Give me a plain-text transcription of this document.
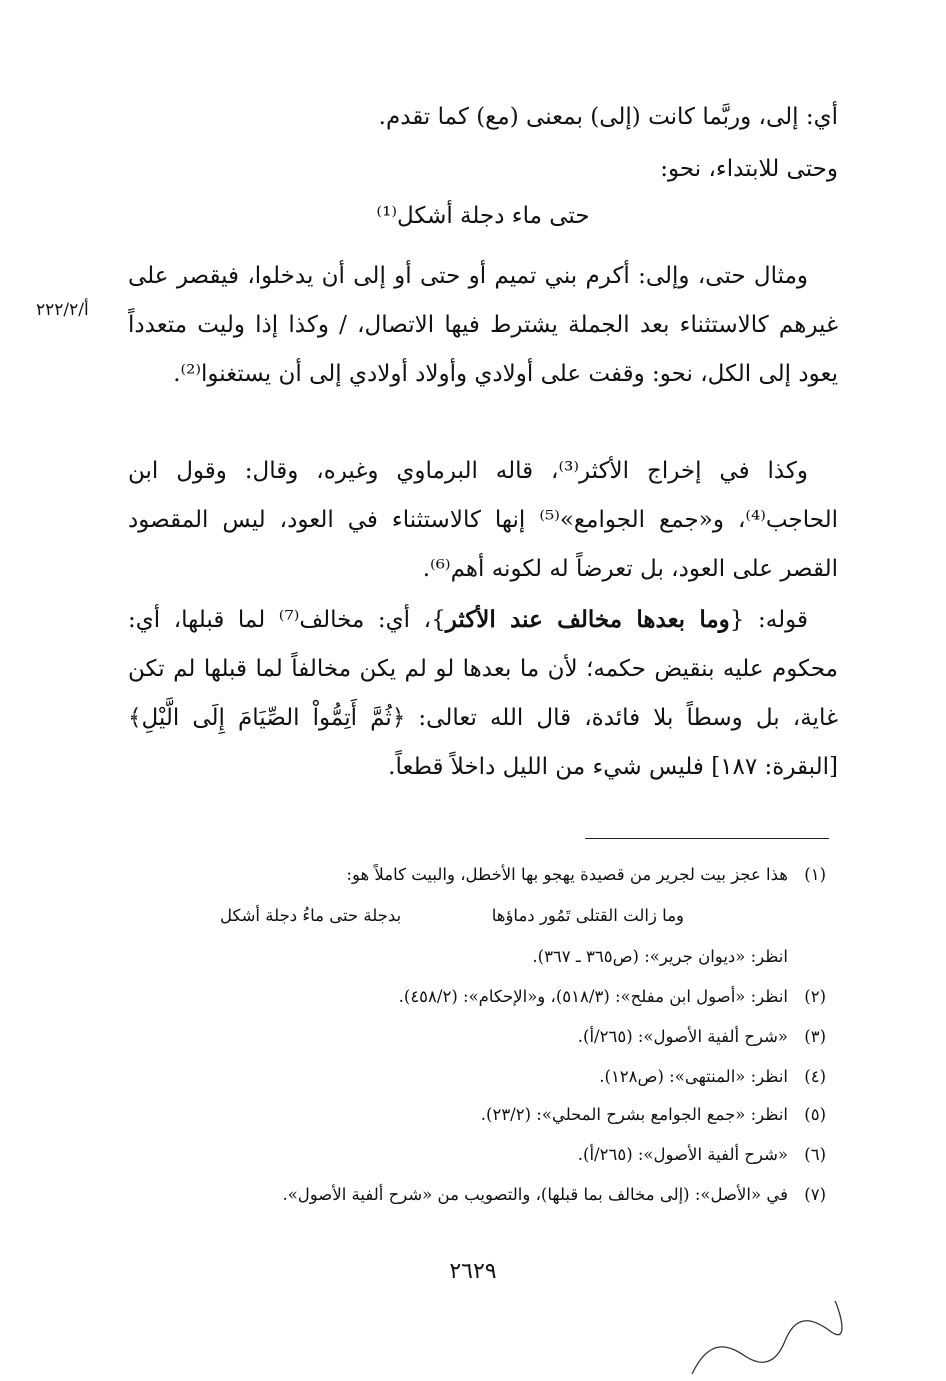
أي: إلى، وربَّما كانت (إلى) بمعنى (مع) كما تقدم.
وحتى للابتداء، نحو:
حتى ماء دجلة أشكل⁽¹⁾
ومثال حتى، وإلى: أكرم بني تميم أو حتى أو إلى أن يدخلوا، فيقصر على غيرهم كالاستثناء بعد الجملة يشترط فيها الاتصال، / وكذا إذا وليت متعدداً يعود إلى الكل، نحو: وقفت على أولادي وأولاد أولادي إلى أن يستغنوا⁽²⁾.
أ/٢٢٢/٢
وكذا في إخراج الأكثر⁽³⁾، قاله البرماوي وغيره، وقال: وقول ابن الحاجب⁽⁴⁾، و«جمع الجوامع»⁽⁵⁾ إنها كالاستثناء في العود، ليس المقصود القصر على العود، بل تعرضاً له لكونه أهم⁽⁶⁾.
قوله: {وما بعدها مخالف عند الأكثر}، أي: مخالف⁽⁷⁾ لما قبلها، أي: محكوم عليه بنقيض حكمه؛ لأن ما بعدها لو لم يكن مخالفاً لما قبلها لم تكن غاية، بل وسطاً بلا فائدة، قال الله تعالى: ﴿ثُمَّ أَتِمُّواْ الصِّيَامَ إِلَى الَّيْلِ﴾ [البقرة: ١٨٧] فليس شيء من الليل داخلاً قطعاً.
(١)هذا عجز بيت لجرير من قصيدة يهجو بها الأخطل، والبيت كاملاً هو:
وما زالت القتلى تَمُور دماؤها
بدجلة حتى ماءُ دجلة أشكل
انظر: «ديوان جرير»: (ص٣٦٥ ـ ٣٦٧).
(٢)انظر: «أصول ابن مفلح»: (٥١٨/٣)، و«الإحكام»: (٤٥٨/٢).
(٣)«شرح ألفية الأصول»: (٢٦٥/أ).
(٤)انظر: «المنتهى»: (ص١٢٨).
(٥)انظر: «جمع الجوامع بشرح المحلي»: (٢٣/٢).
(٦)«شرح ألفية الأصول»: (٢٦٥/أ).
(٧)في «الأصل»: (إلى مخالف بما قبلها)، والتصويب من «شرح ألفية الأصول».
٢٦٢٩
